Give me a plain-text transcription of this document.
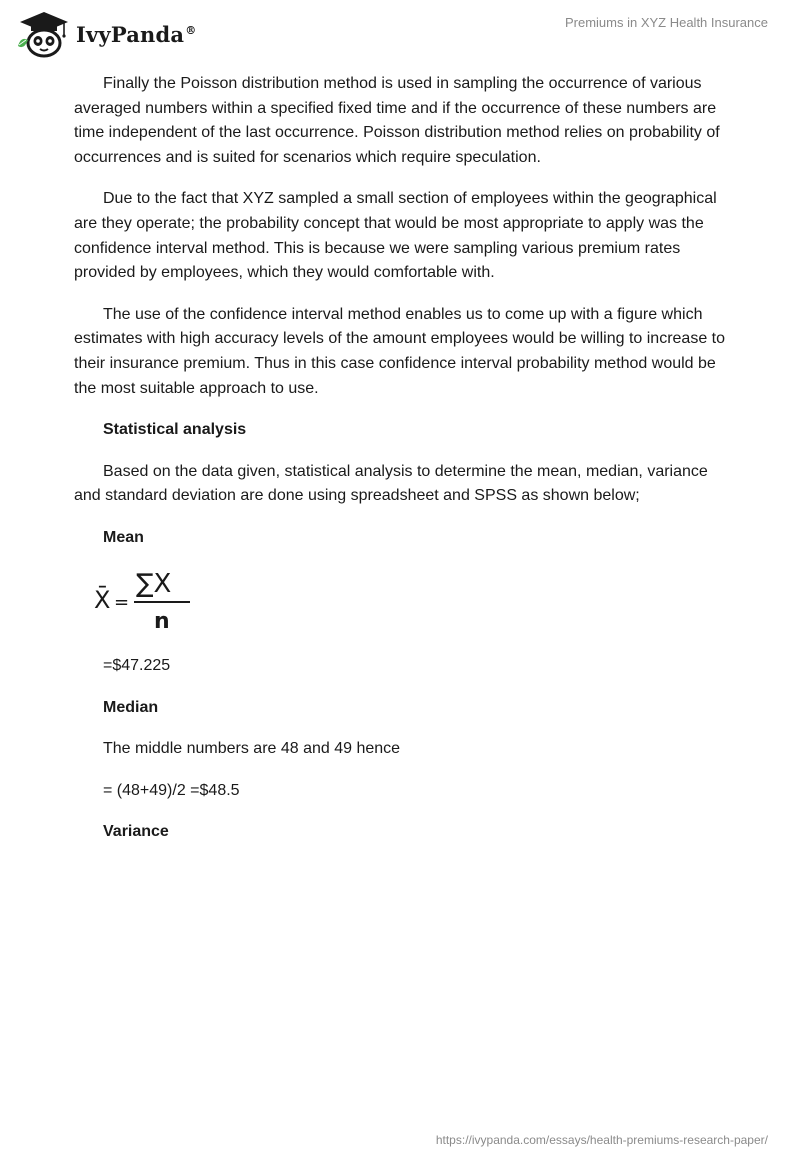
IvyPanda®	Premiums in XYZ Health Insurance

Finally the Poisson distribution method is used in sampling the occurrence of various averaged numbers within a specified fixed time and if the occurrence of these numbers are time independent of the last occurrence. Poisson distribution method relies on probability of occurrences and is suited for scenarios which require speculation.

Due to the fact that XYZ sampled a small section of employees within the geographical are they operate; the probability concept that would be most appropriate to apply was the confidence interval method. This is because we were sampling various premium rates provided by employees, which they would comfortable with.

The use of the confidence interval method enables us to come up with a figure which estimates with high accuracy levels of the amount employees would be willing to increase to their insurance premium. Thus in this case confidence interval probability method would be the most suitable approach to use.

Statistical analysis

Based on the data given, statistical analysis to determine the mean, median, variance and standard deviation are done using spreadsheet and SPSS as shown below;

Mean

X̄ =
∑X
n

=$47.225

Median

The middle numbers are 48 and 49 hence

= (48+49)/2 =$48.5

Variance

https://ivypanda.com/essays/health-premiums-research-paper/
